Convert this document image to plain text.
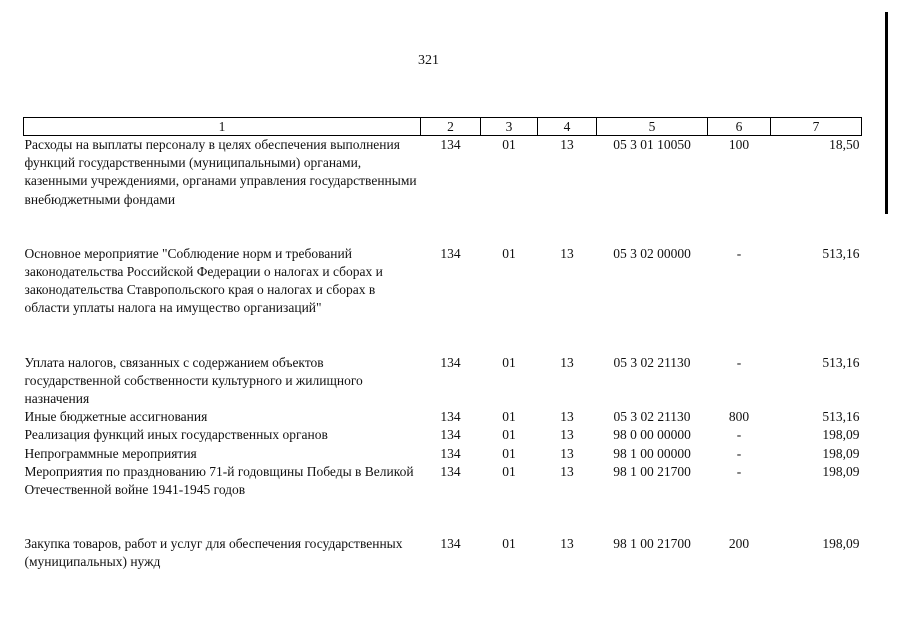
321
1	2	3	4	5	6	7
Расходы на выплаты персоналу в целях обеспечения выполнения функций государственными (муниципальными) органами, казенными учреждениями, органами управления государственными внебюджетными фондами	134	01	13	05 3 01 10050	100	18,50
Основное мероприятие "Соблюдение норм и требований законодательства Российской Федерации о налогах и сборах и законодательства Ставропольского края о налогах и сборах в области уплаты налога на имущество организаций"	134	01	13	05 3 02 00000	-	513,16
Уплата налогов, связанных с содержанием объектов государственной собственности культурного и жилищного назначения	134	01	13	05 3 02 21130	-	513,16
Иные бюджетные ассигнования	134	01	13	05 3 02 21130	800	513,16
Реализация функций иных государственных органов	134	01	13	98 0 00 00000	-	198,09
Непрограммные мероприятия	134	01	13	98 1 00 00000	-	198,09
Мероприятия по празднованию 71-й годовщины Победы в Великой Отечественной войне 1941-1945 годов	134	01	13	98 1 00 21700	-	198,09
Закупка товаров, работ и услуг для обеспечения государственных (муниципальных) нужд	134	01	13	98 1 00 21700	200	198,09
